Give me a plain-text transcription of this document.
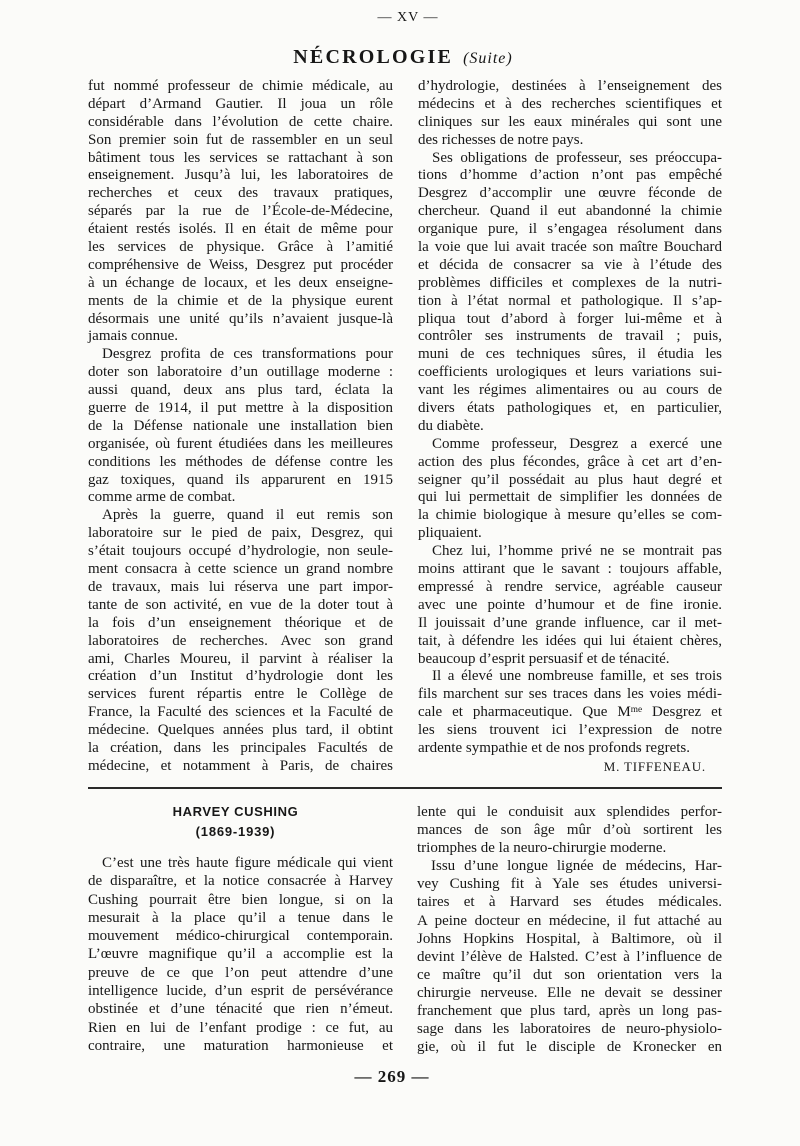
— XV —
NÉCROLOGIE (Suite)
fut nommé professeur de chimie médicale, au
départ d’Armand Gautier. Il joua un rôle
considérable dans l’évolution de cette chaire.
Son premier soin fut de rassembler en un seul
bâtiment tous les services se rattachant à son
enseignement. Jusqu’à lui, les laboratoires de
recherches et ceux des travaux pratiques,
séparés par la rue de l’École-de-Médecine,
étaient restés isolés. Il en était de même pour
les services de physique. Grâce à l’amitié
compréhensive de Weiss, Desgrez put procéder
à un échange de locaux, et les deux enseigne-
ments de la chimie et de la physique eurent
désormais une unité qu’ils n’avaient jusque-là
jamais connue.
Desgrez profita de ces transformations pour
doter son laboratoire d’un outillage moderne :
aussi quand, deux ans plus tard, éclata la
guerre de 1914, il put mettre à la disposition
de la Défense nationale une installation bien
organisée, où furent étudiées dans les meilleures
conditions les méthodes de défense contre les
gaz toxiques, quand ils apparurent en 1915
comme arme de combat.
Après la guerre, quand il eut remis son
laboratoire sur le pied de paix, Desgrez, qui
s’était toujours occupé d’hydrologie, non seule-
ment consacra à cette science un grand nombre
de travaux, mais lui réserva une part impor-
tante de son activité, en vue de la doter tout à
la fois d’un enseignement théorique et de
laboratoires de recherches. Avec son grand
ami, Charles Moureu, il parvint à réaliser la
création d’un Institut d’hydrologie dont les
services furent répartis entre le Collège de
France, la Faculté des sciences et la Faculté de
médecine. Quelques années plus tard, il obtint
la création, dans les principales Facultés de
médecine, et notamment à Paris, de chaires
d’hydrologie, destinées à l’enseignement des
médecins et à des recherches scientifiques et
cliniques sur les eaux minérales qui sont une
des richesses de notre pays.
Ses obligations de professeur, ses préoccupa-
tions d’homme d’action n’ont pas empêché
Desgrez d’accomplir une œuvre féconde de
chercheur. Quand il eut abandonné la chimie
organique pure, il s’engagea résolument dans
la voie que lui avait tracée son maître Bouchard
et décida de consacrer sa vie à l’étude des
problèmes difficiles et complexes de la nutri-
tion à l’état normal et pathologique. Il s’ap-
pliqua tout d’abord à forger lui-même et à
contrôler ses instruments de travail ; puis,
muni de ces techniques sûres, il étudia les
coefficients urologiques et leurs variations sui-
vant les régimes alimentaires ou au cours de
divers états pathologiques et, en particulier,
du diabète.
Comme professeur, Desgrez a exercé une
action des plus fécondes, grâce à cet art d’en-
seigner qu’il possédait au plus haut degré et
qui lui permettait de simplifier les données de
la chimie biologique à mesure qu’elles se com-
pliquaient.
Chez lui, l’homme privé ne se montrait pas
moins attirant que le savant : toujours affable,
empressé à rendre service, agréable causeur
avec une pointe d’humour et de fine ironie.
Il jouissait d’une grande influence, car il met-
tait, à défendre les idées qui lui étaient chères,
beaucoup d’esprit persuasif et de ténacité.
Il a élevé une nombreuse famille, et ses trois
fils marchent sur ses traces dans les voies médi-
cale et pharmaceutique. Que $M^{me}$ Desgrez et
les siens trouvent ici l’expression de notre
ardente sympathie et de nos profonds regrets.
M. TIFFENEAU.
HARVEY CUSHING
(1869-1939)
C’est une très haute figure médicale qui vient
de disparaître, et la notice consacrée à Harvey
Cushing pourrait être bien longue, si on la
mesurait à la place qu’il a tenue dans le
mouvement médico-chirurgical contemporain.
L’œuvre magnifique qu’il a accomplie est la
preuve de ce que l’on peut attendre d’une
intelligence lucide, d’un esprit de persévérance
obstinée et d’une ténacité que rien n’émeut.
Rien en lui de l’enfant prodige : ce fut, au
contraire, une maturation harmonieuse et
lente qui le conduisit aux splendides perfor-
mances de son âge mûr d’où sortirent les
triomphes de la neuro-chirurgie moderne.
Issu d’une longue lignée de médecins, Har-
vey Cushing fit à Yale ses études universi-
taires et à Harvard ses études médicales.
A peine docteur en médecine, il fut attaché au
Johns Hopkins Hospital, à Baltimore, où il
devint l’élève de Halsted. C’est à l’influence de
ce maître qu’il dut son orientation vers la
chirurgie nerveuse. Elle ne devait se dessiner
franchement que plus tard, après un long pas-
sage dans les laboratoires de neuro-physiolo-
gie, où il fut le disciple de Kronecker en
— 269 —
